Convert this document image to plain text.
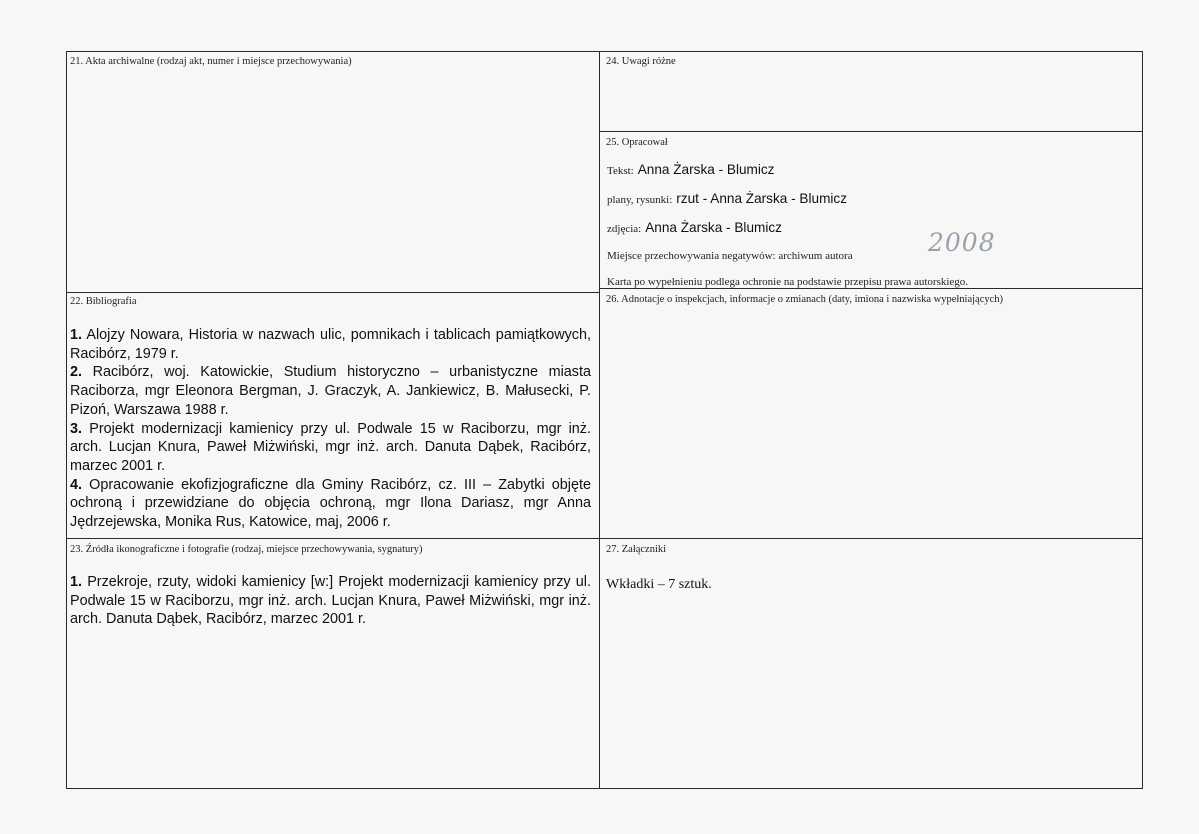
21. Akta archiwalne (rodzaj akt, numer i miejsce przechowywania)
22. Bibliografia
1. Alojzy Nowara, Historia w nazwach ulic, pomnikach i tablicach pamiątkowych, Racibórz, 1979 r.
2. Racibórz, woj. Katowickie, Studium historyczno – urbanistyczne miasta Raciborza, mgr Eleonora Bergman, J. Graczyk, A. Jankiewicz, B. Małusecki, P. Pizoń, Warszawa 1988 r.
3. Projekt modernizacji kamienicy przy ul. Podwale 15 w Raciborzu, mgr inż. arch. Lucjan Knura, Paweł Miżwiński, mgr inż. arch. Danuta Dąbek, Racibórz, marzec 2001 r.
4. Opracowanie ekofizjograficzne dla Gminy Racibórz, cz. III – Zabytki objęte ochroną i przewidziane do objęcia ochroną, mgr Ilona Dariasz, mgr Anna Jędrzejewska, Monika Rus, Katowice, maj, 2006 r.
23. Źródła ikonograficzne i fotografie (rodzaj, miejsce przechowywania, sygnatury)
1. Przekroje, rzuty, widoki kamienicy [w:] Projekt modernizacji kamienicy przy ul. Podwale 15 w Raciborzu, mgr inż. arch. Lucjan Knura, Paweł Miżwiński, mgr inż. arch. Danuta Dąbek, Racibórz, marzec 2001 r.
24. Uwagi różne
25. Opracował
Tekst: Anna Żarska - Blumicz
plany, rysunki: rzut - Anna Żarska - Blumicz
zdjęcia: Anna Żarska - Blumicz
Miejsce przechowywania negatywów: archiwum autora	2008
Karta po wypełnieniu podlega ochronie na podstawie przepisu prawa autorskiego.
26. Adnotacje o inspekcjach, informacje o zmianach (daty, imiona i nazwiska wypełniających)
27. Załączniki
Wkładki – 7 sztuk.
